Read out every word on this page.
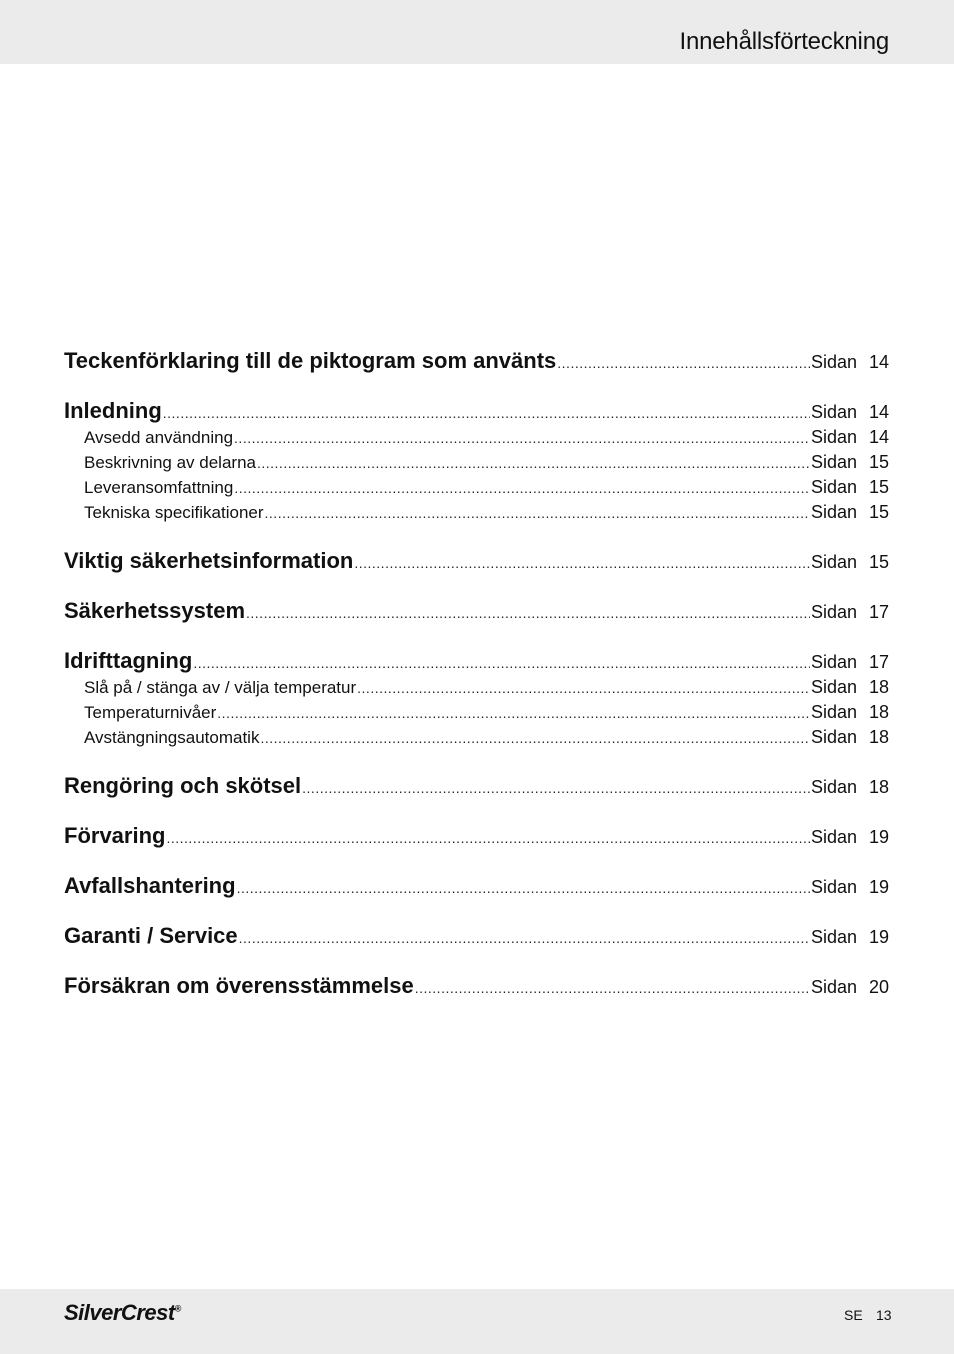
Innehållsförteckning
Teckenförklaring till de piktogram som använts .....	Sidan 14
Inledning .....	Sidan 14
Avsedd användning .....	Sidan 14
Beskrivning av delarna .....	Sidan 15
Leveransomfattning .....	Sidan 15
Tekniska specifikationer .....	Sidan 15
Viktig säkerhetsinformation .....	Sidan 15
Säkerhetssystem .....	Sidan 17
Idrifttagning .....	Sidan 17
Slå på / stänga av / välja temperatur .....	Sidan 18
Temperaturnivåer .....	Sidan 18
Avstängningsautomatik .....	Sidan 18
Rengöring och skötsel .....	Sidan 18
Förvaring .....	Sidan 19
Avfallshantering .....	Sidan 19
Garanti / Service .....	Sidan 19
Försäkran om överensstämmelse .....	Sidan 20
SilverCrest®	SE 13
